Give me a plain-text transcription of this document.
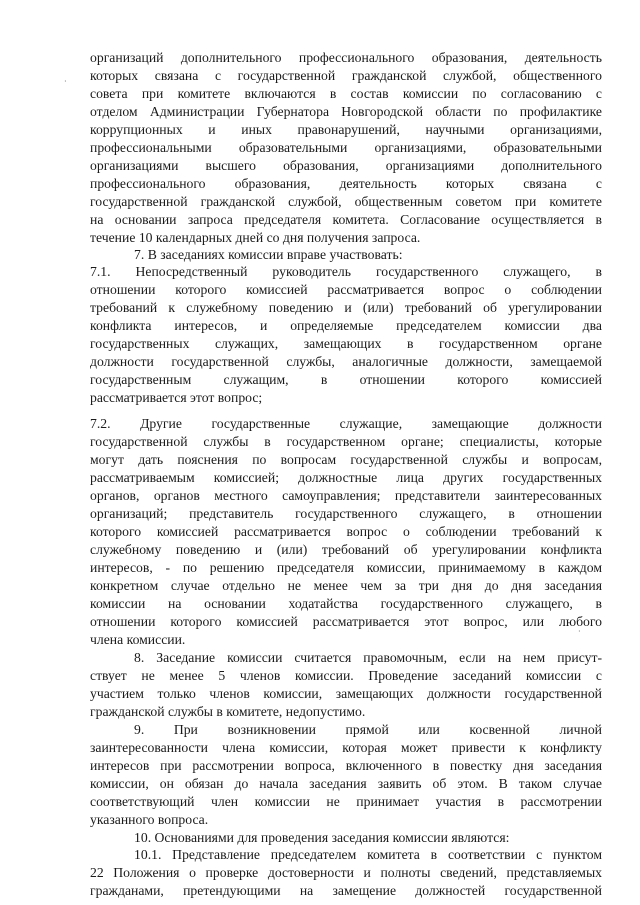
·
·
организаций дополнительного профессионального образования, деятельность
которых связана с государственной гражданской службой, общественного
совета при комитете включаются в состав комиссии по согласованию с
отделом Администрации Губернатора Новгородской области по профилактике
коррупционных и иных правонарушений, научными организациями,
профессиональными образовательными организациями, образовательными
организациями высшего образования, организациями дополнительного
профессионального образования, деятельность которых связана с
государственной гражданской службой, общественным советом при комитете
на основании запроса председателя комитета. Согласование осуществляется в
течение 10 календарных дней со дня получения запроса.
7. В заседаниях комиссии вправе участвовать:
7.1. Непосредственный руководитель государственного служащего, в
отношении которого комиссией рассматривается вопрос о соблюдении
требований к служебному поведению и (или) требований об урегулировании
конфликта интересов, и определяемые председателем комиссии два
государственных служащих, замещающих в государственном органе
должности государственной службы, аналогичные должности, замещаемой
государственным служащим, в отношении которого комиссией
рассматривается этот вопрос;
7.2. Другие государственные служащие, замещающие должности
государственной службы в государственном органе; специалисты, которые
могут дать пояснения по вопросам государственной службы и вопросам,
рассматриваемым комиссией; должностные лица других государственных
органов, органов местного самоуправления; представители заинтересованных
организаций; представитель государственного служащего, в отношении
которого комиссией рассматривается вопрос о соблюдении требований к
служебному поведению и (или) требований об урегулировании конфликта
интересов, - по решению председателя комиссии, принимаемому в каждом
конкретном случае отдельно не менее чем за три дня до дня заседания
комиссии на основании ходатайства государственного служащего, в
отношении которого комиссией рассматривается этот вопрос, или любого
члена комиссии.
8. Заседание комиссии считается правомочным, если на нем присут-
ствует не менее 5 членов комиссии. Проведение заседаний комиссии с
участием только членов комиссии, замещающих должности государственной
гражданской службы в комитете, недопустимо.
9. При возникновении прямой или косвенной личной
заинтересованности члена комиссии, которая может привести к конфликту
интересов при рассмотрении вопроса, включенного в повестку дня заседания
комиссии, он обязан до начала заседания заявить об этом. В таком случае
соответствующий член комиссии не принимает участия в рассмотрении
указанного вопроса.
10. Основаниями для проведения заседания комиссии являются:
10.1. Представление председателем комитета в соответствии с пунктом
22 Положения о проверке достоверности и полноты сведений, представляемых
гражданами, претендующими на замещение должностей государственной
